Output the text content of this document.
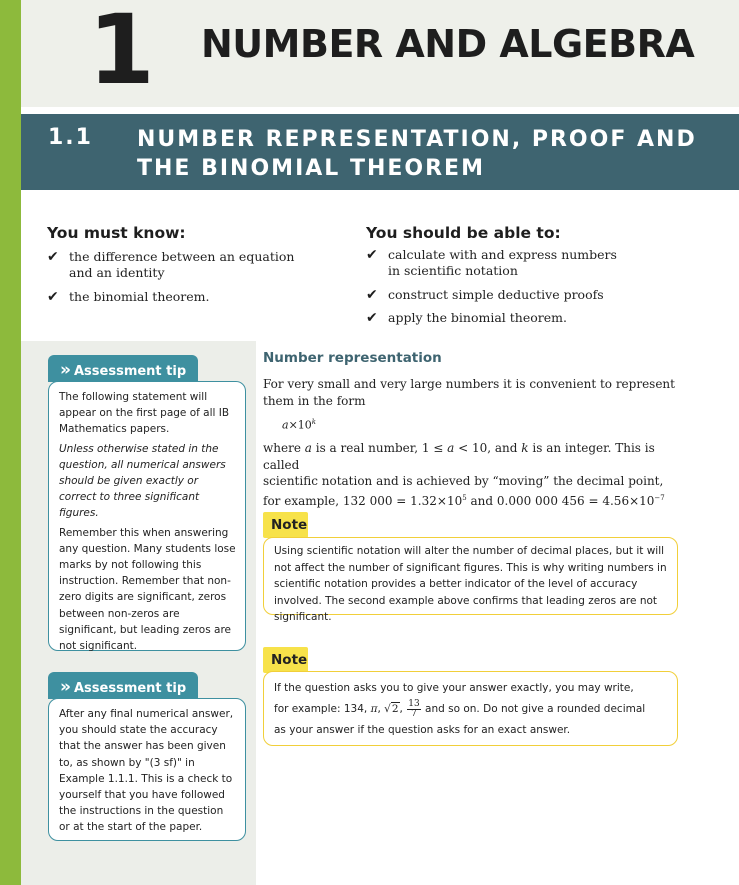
1 NUMBER AND ALGEBRA
1.1 NUMBER REPRESENTATION, PROOF AND
THE BINOMIAL THEOREM
You must know:
✔ the difference between an equation
and an identity
✔ the binomial theorem.
You should be able to:
✔ calculate with and express numbers
in scientific notation
✔ construct simple deductive proofs
✔ apply the binomial theorem.
» Assessment tip

The following statement will appear on the first page of all IB Mathematics papers.

Unless otherwise stated in the question, all numerical answers should be given exactly or correct to three significant figures.

Remember this when answering any question. Many students lose marks by not following this instruction. Remember that non-zero digits are significant, zeros between non-zeros are significant, but leading zeros are not significant.

» Assessment tip

After any final numerical answer, you should state the accuracy that the answer has been given to, as shown by "(3 sf)" in Example 1.1.1. This is a check to yourself that you have followed the instructions in the question or at the start of the paper.

Number representation
For very small and very large numbers it is convenient to represent
them in the form
$a\times 10^k$
where a is a real number, 1 ≤ a < 10, and k is an integer. This is called
scientific notation and is achieved by “moving” the decimal point,
for example, 132 $000 = 1.32\times 10^5$ and 0.000 000 $456 = 4.56\times 10^{-7}$
Note
Using scientific notation will alter the number of decimal places, but it will not affect the number of significant figures. This is why writing numbers in scientific notation provides a better indicator of the level of accuracy involved. The second example above confirms that leading zeros are not significant.
Note
If the question asks you to give your answer exactly, you may write,
for example: 134, π, √2, $\frac{13}{7}$ and so on. Do not give a rounded decimal
as your answer if the question asks for an exact answer.
